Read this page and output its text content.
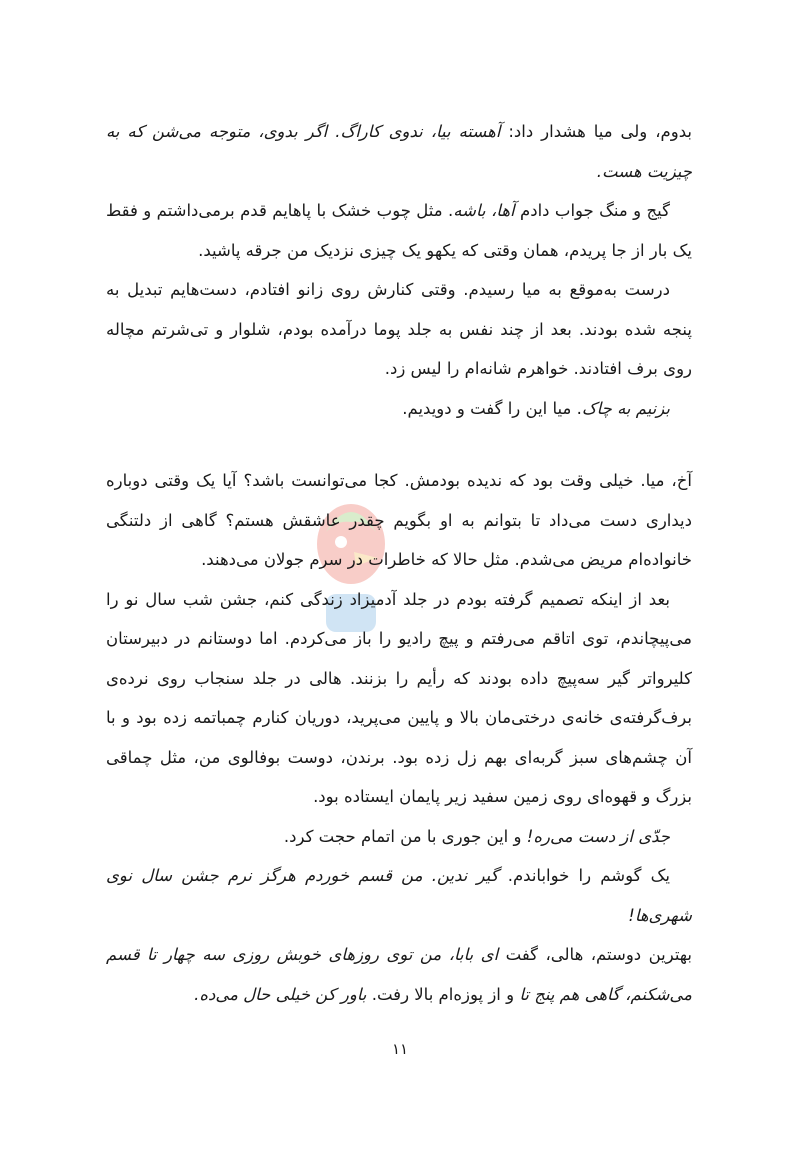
بدوم، ولی میا هشدار داد: آهسته بیا، ندوی کاراگ. اگر بدوی، متوجه می‌شن که به چیزیت هست.

گیج و منگ جواب دادم آها، باشه. مثل چوب خشک با پاهایم قدم برمی‌داشتم و فقط یک بار از جا پریدم، همان وقتی که یکهو یک چیزی نزدیک من جرقه پاشید.

درست به‌موقع به میا رسیدم. وقتی کنارش روی زانو افتادم، دست‌هایم تبدیل به پنجه شده بودند. بعد از چند نفس به جلد پوما درآمده بودم، شلوار و تی‌شرتم مچاله روی برف افتادند. خواهرم شانه‌ام را لیس زد.

بزنیم به چاک. میا این را گفت و دویدیم.

آخ، میا. خیلی وقت بود که ندیده بودمش. کجا می‌توانست باشد؟ آیا یک وقتی دوباره دیداری دست می‌داد تا بتوانم به او بگویم چقدر عاشقش هستم؟ گاهی از دلتنگی خانواده‌ام مریض می‌شدم. مثل حالا که خاطرات در سرم جولان می‌دهند.

بعد از اینکه تصمیم گرفته بودم در جلد آدمیزاد زندگی کنم، جشن شب سال نو را می‌پیچاندم، توی اتاقم می‌رفتم و پیچ رادیو را باز می‌کردم. اما دوستانم در دبیرستان کلیرواتر گیر سه‌پیچ داده بودند که رأیم را بزنند. هالی در جلد سنجاب روی نرده‌ی برف‌گرفته‌ی خانه‌ی درختی‌مان بالا و پایین می‌پرید، دوریان کنارم چمباتمه زده بود و با آن چشم‌های سبز گربه‌ای بهم زل زده بود. برندن، دوست بوفالوی من، مثل چماقی بزرگ و قهوه‌ای روی زمین سفید زیر پایمان ایستاده بود.

جدّی از دست می‌ره! و این جوری با من اتمام حجت کرد.

یک گوشم را خواباندم. گیر ندین. من قسم خوردم هرگز نرم جشن سال نوی شهری‌ها!

بهترین دوستم، هالی، گفت ای بابا، من توی روزهای خوبش روزی سه چهار تا قسم می‌شکنم، گاهی هم پنج تا و از پوزه‌ام بالا رفت. باور کن خیلی حال می‌ده.

۱۱
